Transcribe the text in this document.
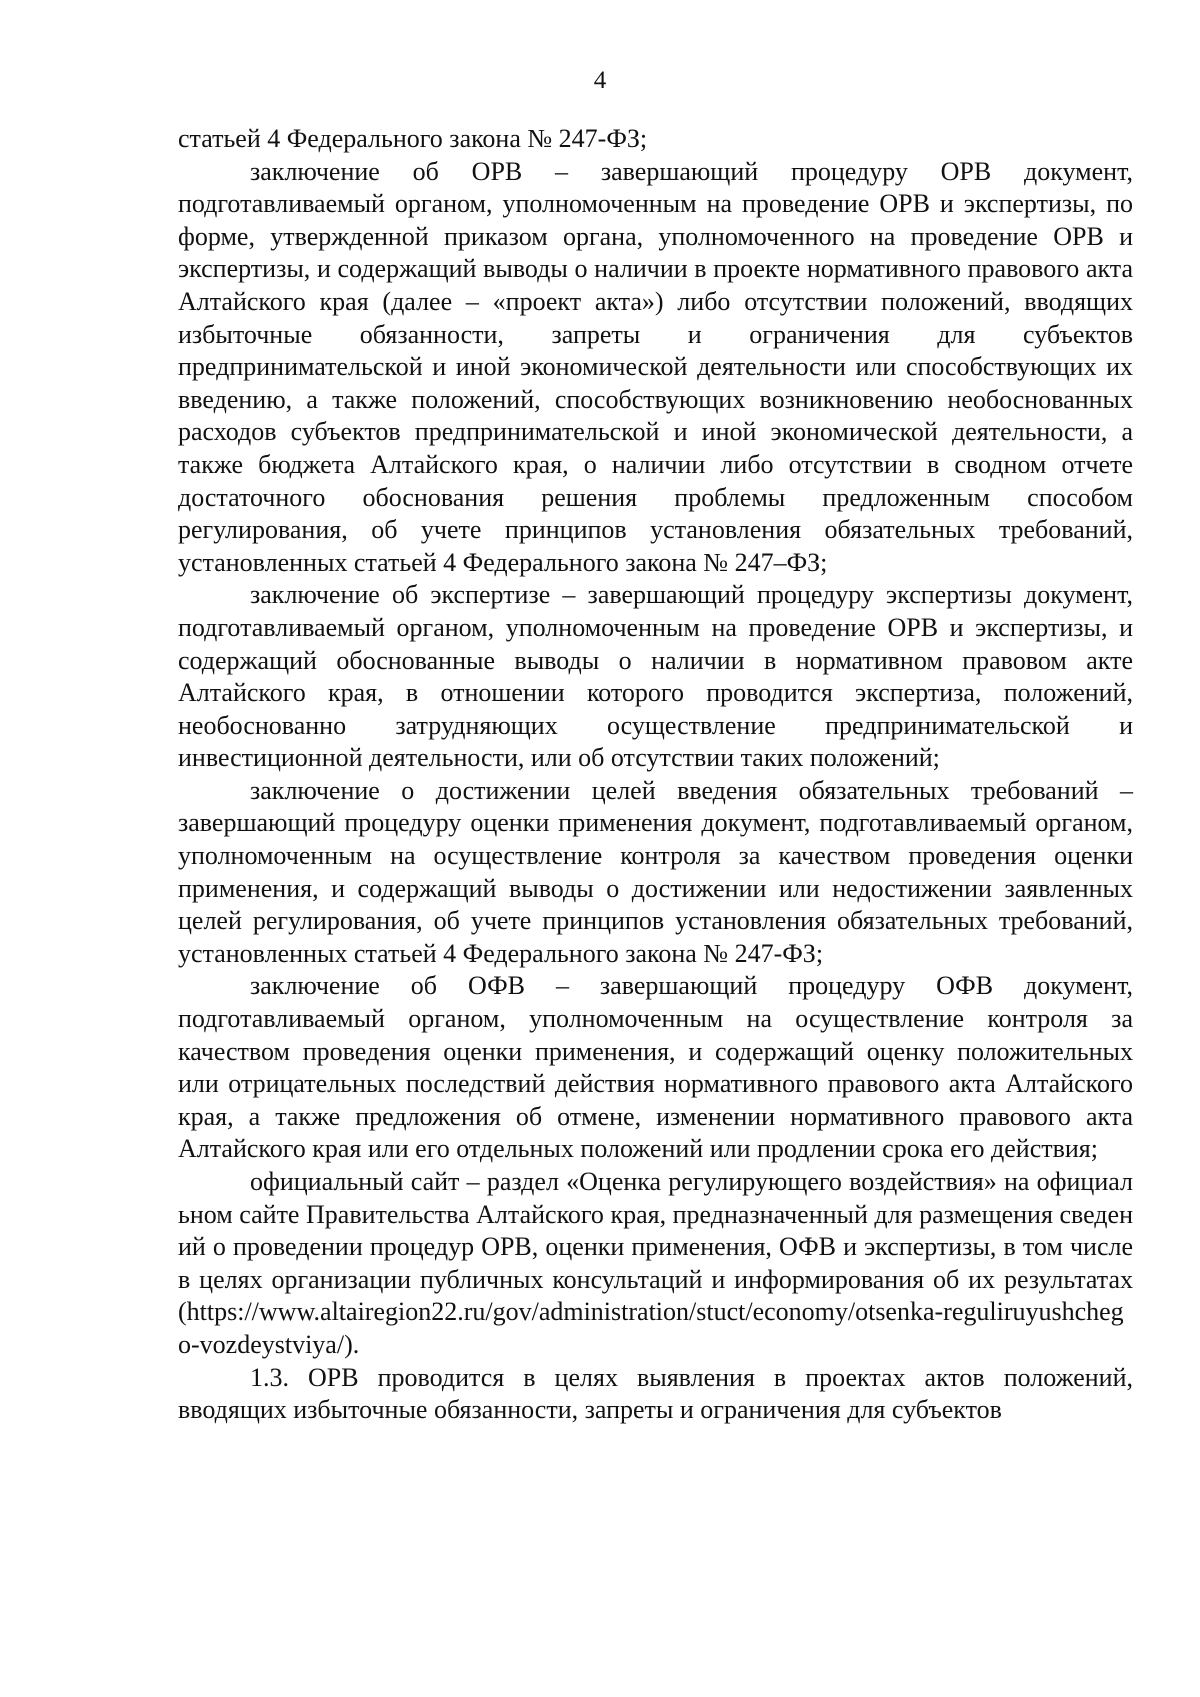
4

статьей 4 Федерального закона № 247-ФЗ;

заключение об ОРВ – завершающий процедуру ОРВ документ, подготавливаемый органом, уполномоченным на проведение ОРВ и экспертизы, по форме, утвержденной приказом органа, уполномоченного на проведение ОРВ и экспертизы, и содержащий выводы о наличии в проекте нормативного правового акта Алтайского края (далее – «проект акта») либо отсутствии положений, вводящих избыточные обязанности, запреты и ограничения для субъектов предпринимательской и иной экономической деятельности или способствующих их введению, а также положений, способствующих возникновению необоснованных расходов субъектов предпринимательской и иной экономической деятельности, а также бюджета Алтайского края, о наличии либо отсутствии в сводном отчете достаточного обоснования решения проблемы предложенным способом регулирования, об учете принципов установления обязательных требований, установленных статьей 4 Федерального закона № 247–ФЗ;

заключение об экспертизе – завершающий процедуру экспертизы документ, подготавливаемый органом, уполномоченным на проведение ОРВ и экспертизы, и содержащий обоснованные выводы о наличии в нормативном правовом акте Алтайского края, в отношении которого проводится экспертиза, положений, необоснованно затрудняющих осуществление предпринимательской и инвестиционной деятельности, или об отсутствии таких положений;

заключение о достижении целей введения обязательных требований – завершающий процедуру оценки применения документ, подготавливаемый органом, уполномоченным на осуществление контроля за качеством проведения оценки применения, и содержащий выводы о достижении или недостижении заявленных целей регулирования, об учете принципов установления обязательных требований, установленных статьей 4 Федерального закона № 247-ФЗ;

заключение об ОФВ – завершающий процедуру ОФВ документ, подготавливаемый органом, уполномоченным на осуществление контроля за качеством проведения оценки применения, и содержащий оценку положительных или отрицательных последствий действия нормативного правового акта Алтайского края, а также предложения об отмене, изменении нормативного правового акта Алтайского края или его отдельных положений или продлении срока его действия;

официальный сайт – раздел «Оценка регулирующего воздействия» на официальном сайте Правительства Алтайского края, предназначенный для размещения сведений о проведении процедур ОРВ, оценки применения, ОФВ и экспертизы, в том числе в целях организации публичных консультаций и информирования об их результатах (https://www.altairegion22.ru/gov/administration/stuct/economy/otsenka-reguliruyushchego-vozdeystviya/).

1.3. ОРВ проводится в целях выявления в проектах актов положений, вводящих избыточные обязанности, запреты и ограничения для субъектов
